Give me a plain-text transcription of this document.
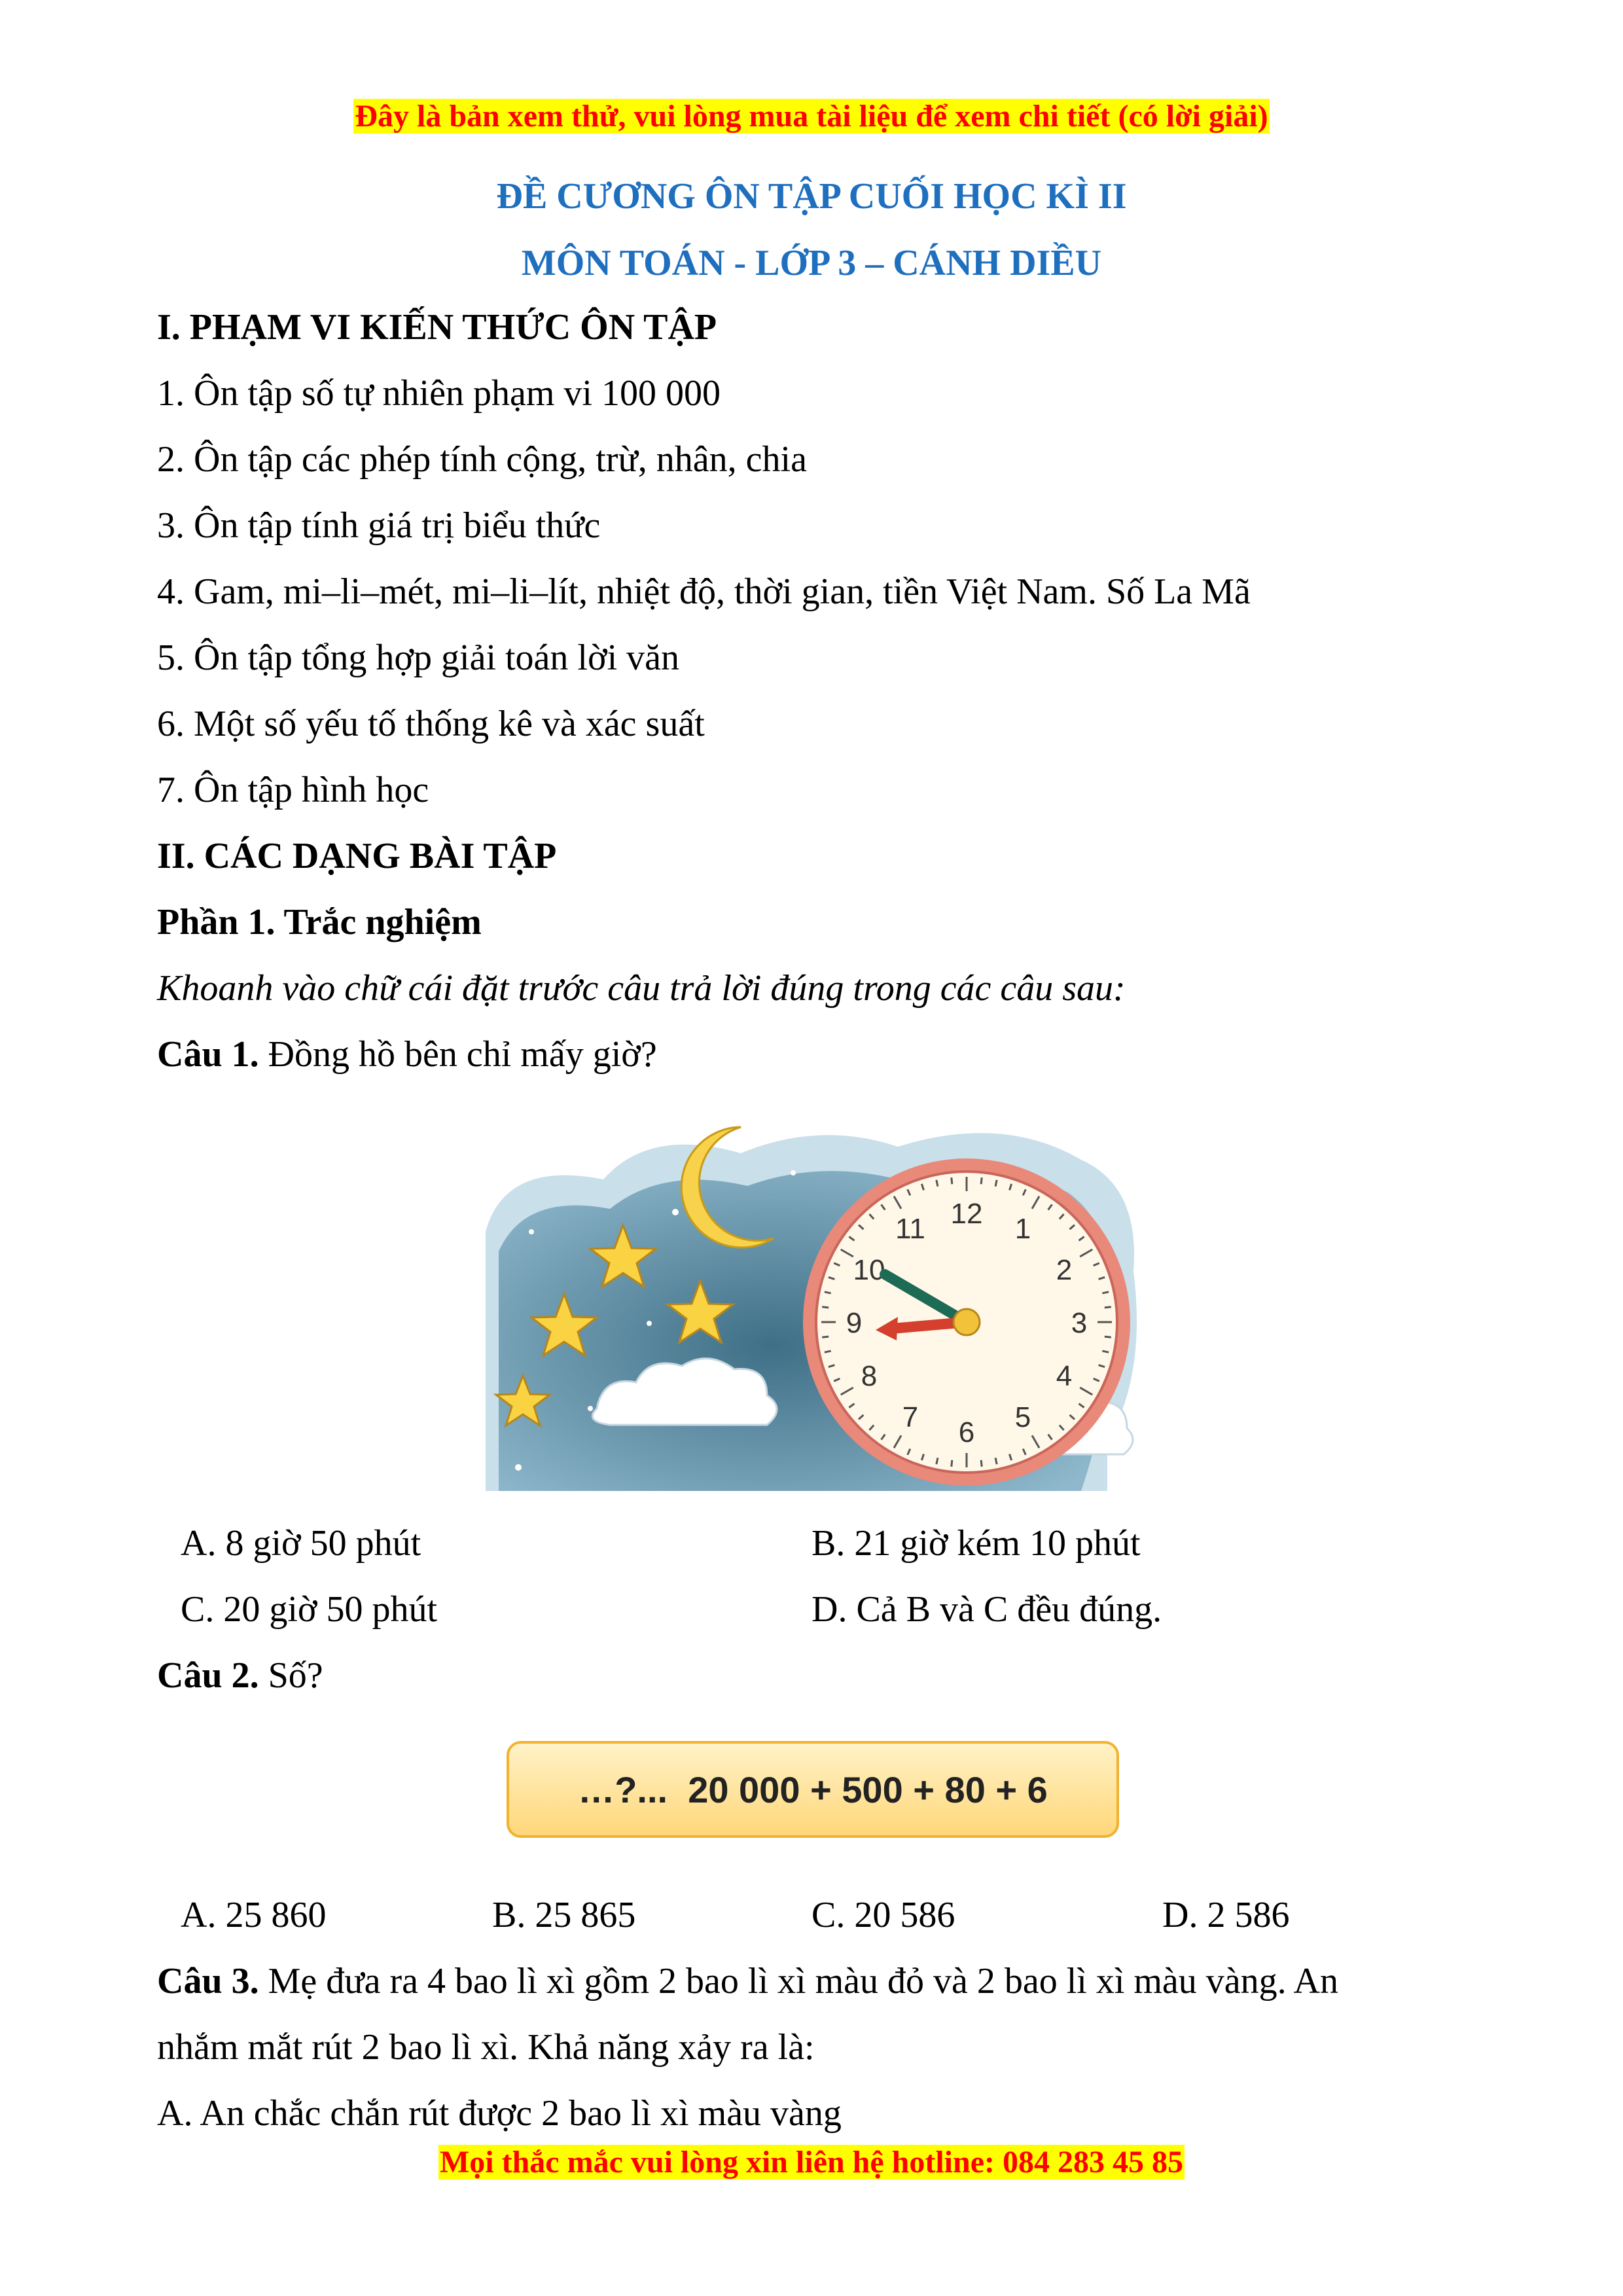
Đây là bản xem thử, vui lòng mua tài liệu để xem chi tiết (có lời giải)
ĐỀ CƯƠNG ÔN TẬP CUỐI HỌC KÌ II
MÔN TOÁN - LỚP 3 – CÁNH DIỀU
I. PHẠM VI KIẾN THỨC ÔN TẬP
1. Ôn tập số tự nhiên phạm vi 100 000
2. Ôn tập các phép tính cộng, trừ, nhân, chia
3. Ôn tập tính giá trị biểu thức
4. Gam, mi–li–mét, mi–li–lít, nhiệt độ, thời gian, tiền Việt Nam. Số La Mã
5. Ôn tập tổng hợp giải toán lời văn
6. Một số yếu tố thống kê và xác suất
7. Ôn tập hình học
II. CÁC DẠNG BÀI TẬP
Phần 1. Trắc nghiệm
Khoanh vào chữ cái đặt trước câu trả lời đúng trong các câu sau:
Câu 1. Đồng hồ bên chỉ mấy giờ?
12 1
2
3
4
5
6
7
8
9
10
11
A. 8 giờ 50 phút	B. 21 giờ kém 10 phút
C. 20 giờ 50 phút	D. Cả B và C đều đúng.
Câu 2. Số?
…?...  20 000 + 500 + 80 + 6
A. 25 860	B. 25 865	C. 20 586	D. 2 586
Câu 3. Mẹ đưa ra 4 bao lì xì gồm 2 bao lì xì màu đỏ và 2 bao lì xì màu vàng. An
nhắm mắt rút 2 bao lì xì. Khả năng xảy ra là:
A. An chắc chắn rút được 2 bao lì xì màu vàng
Mọi thắc mắc vui lòng xin liên hệ hotline: 084 283 45 85
